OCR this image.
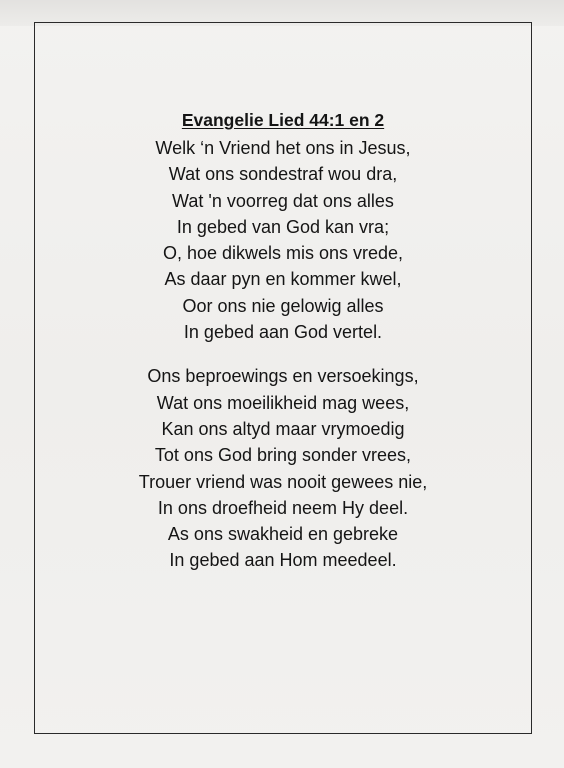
Evangelie Lied 44:1 en 2
Welk ‘n Vriend het ons in Jesus,
Wat ons sondestraf wou dra,
Wat 'n voorreg dat ons alles
In gebed van God kan vra;
O, hoe dikwels mis ons vrede,
As daar pyn en kommer kwel,
Oor ons nie gelowig alles
In gebed aan God vertel.
Ons beproewings en versoekings,
Wat ons moeilikheid mag wees,
Kan ons altyd maar vrymoedig
Tot ons God bring sonder vrees,
Trouer vriend was nooit gewees nie,
In ons droefheid neem Hy deel.
As ons swakheid en gebreke
In gebed aan Hom meedeel.
